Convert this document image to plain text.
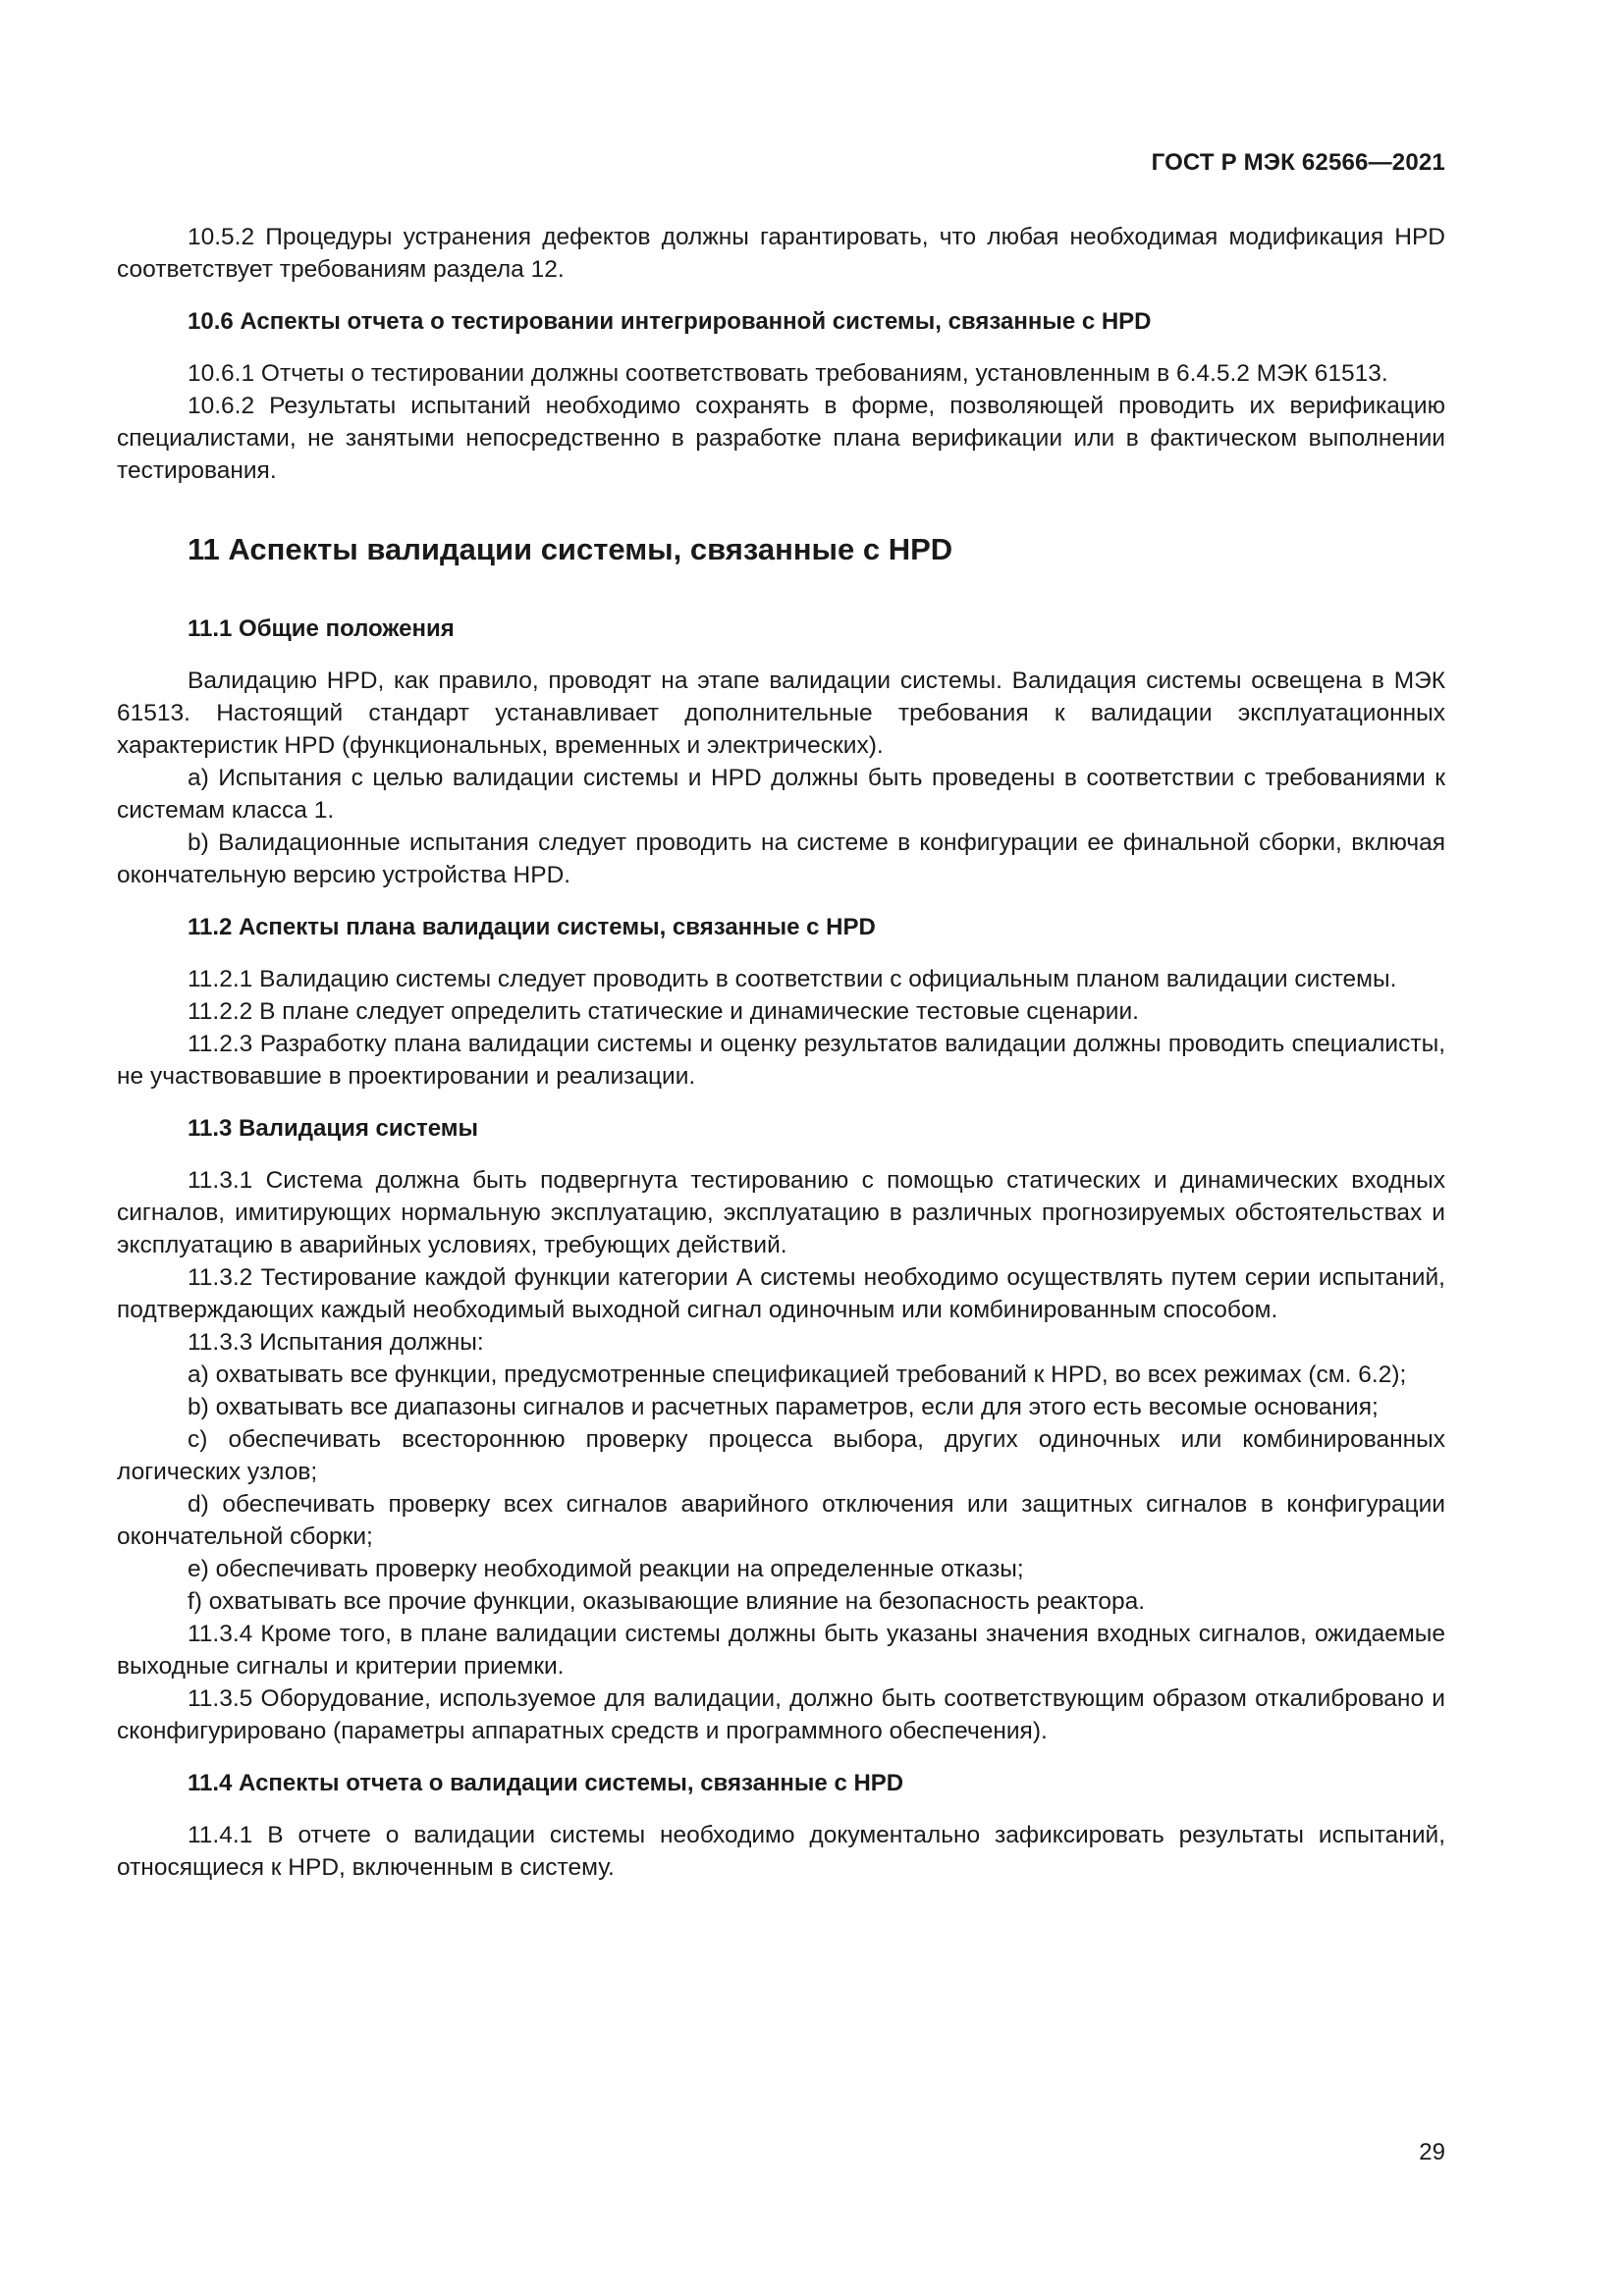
ГОСТ Р МЭК 62566—2021

10.5.2 Процедуры устранения дефектов должны гарантировать, что любая необходимая модификация HPD соответствует требованиям раздела 12.

10.6 Аспекты отчета о тестировании интегрированной системы, связанные с HPD

10.6.1 Отчеты о тестировании должны соответствовать требованиям, установленным в 6.4.5.2 МЭК 61513.

10.6.2 Результаты испытаний необходимо сохранять в форме, позволяющей проводить их верификацию специалистами, не занятыми непосредственно в разработке плана верификации или в фактическом выполнении тестирования.

11 Аспекты валидации системы, связанные с HPD
11.1 Общие положения

Валидацию HPD, как правило, проводят на этапе валидации системы. Валидация системы освещена в МЭК 61513. Настоящий стандарт устанавливает дополнительные требования к валидации эксплуатационных характеристик HPD (функциональных, временных и электрических).

a) Испытания с целью валидации системы и HPD должны быть проведены в соответствии с требованиями к системам класса 1.

b) Валидационные испытания следует проводить на системе в конфигурации ее финальной сборки, включая окончательную версию устройства HPD.

11.2 Аспекты плана валидации системы, связанные с HPD

11.2.1 Валидацию системы следует проводить в соответствии с официальным планом валидации системы.

11.2.2 В плане следует определить статические и динамические тестовые сценарии.

11.2.3 Разработку плана валидации системы и оценку результатов валидации должны проводить специалисты, не участвовавшие в проектировании и реализации.

11.3 Валидация системы

11.3.1 Система должна быть подвергнута тестированию с помощью статических и динамических входных сигналов, имитирующих нормальную эксплуатацию, эксплуатацию в различных прогнозируемых обстоятельствах и эксплуатацию в аварийных условиях, требующих действий.

11.3.2 Тестирование каждой функции категории А системы необходимо осуществлять путем серии испытаний, подтверждающих каждый необходимый выходной сигнал одиночным или комбинированным способом.

11.3.3 Испытания должны:

a) охватывать все функции, предусмотренные спецификацией требований к HPD, во всех режимах (см. 6.2);

b) охватывать все диапазоны сигналов и расчетных параметров, если для этого есть весомые основания;

c) обеспечивать всестороннюю проверку процесса выбора, других одиночных или комбинированных логических узлов;

d) обеспечивать проверку всех сигналов аварийного отключения или защитных сигналов в конфигурации окончательной сборки;

e) обеспечивать проверку необходимой реакции на определенные отказы;

f) охватывать все прочие функции, оказывающие влияние на безопасность реактора.

11.3.4 Кроме того, в плане валидации системы должны быть указаны значения входных сигналов, ожидаемые выходные сигналы и критерии приемки.

11.3.5 Оборудование, используемое для валидации, должно быть соответствующим образом откалибровано и сконфигурировано (параметры аппаратных средств и программного обеспечения).

11.4 Аспекты отчета о валидации системы, связанные с HPD

11.4.1 В отчете о валидации системы необходимо документально зафиксировать результаты испытаний, относящиеся к HPD, включенным в систему.

29
